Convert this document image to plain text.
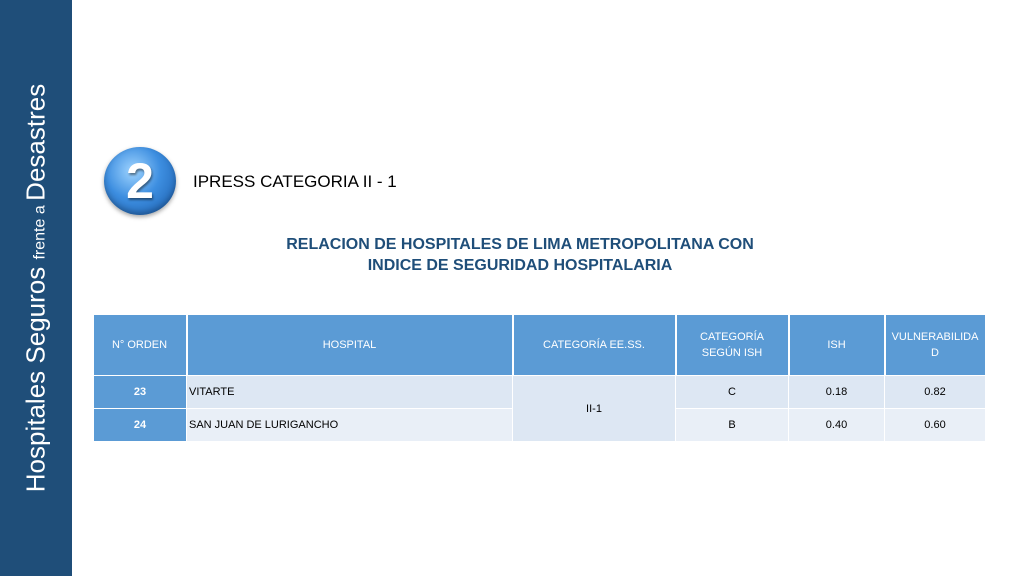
Hospitales Seguros frente a Desastres 2 IPRESS CATEGORIA II - 1
RELACION DE HOSPITALES DE LIMA METROPOLITANA CON
INDICE DE SEGURIDAD HOSPITALARIA
N° ORDEN	HOSPITAL	CATEGORÍA EE.SS.	CATEGORÍA SEGÚN ISH	ISH	VULNERABILIDAD
23	VITARTE	II-1	C	0.18	0.82
24	SAN JUAN DE LURIGANCHO		B	0.40	0.60
